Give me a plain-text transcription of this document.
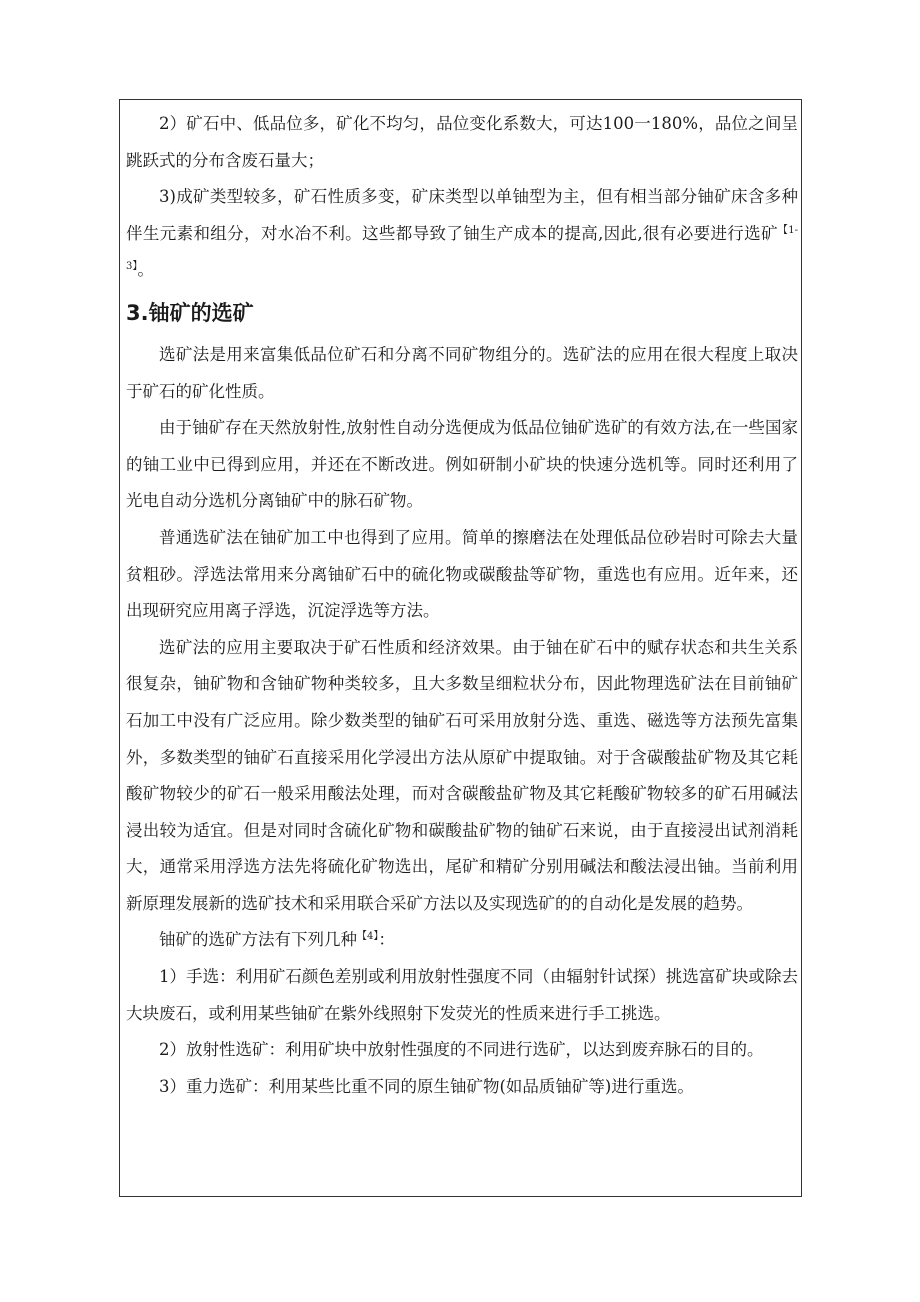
2）矿石中、低品位多，矿化不均匀，品位变化系数大，可达100一180%，品位之间呈跳跃式的分布含废石量大；

3)成矿类型较多，矿石性质多变，矿床类型以单铀型为主，但有相当部分铀矿床含多种伴生元素和组分，对水冶不利。这些都导致了铀生产成本的提高,因此,很有必要进行选矿$^{【1-3】}$。

3.铀矿的选矿

选矿法是用来富集低品位矿石和分离不同矿物组分的。选矿法的应用在很大程度上取决于矿石的矿化性质。

由于铀矿存在天然放射性,放射性自动分选便成为低品位铀矿选矿的有效方法,在一些国家的铀工业中已得到应用，并还在不断改进。例如研制小矿块的快速分选机等。同时还利用了光电自动分选机分离铀矿中的脉石矿物。

普通选矿法在铀矿加工中也得到了应用。简单的擦磨法在处理低品位砂岩时可除去大量贫粗砂。浮选法常用来分离铀矿石中的硫化物或碳酸盐等矿物，重选也有应用。近年来，还出现研究应用离子浮选，沉淀浮选等方法。

选矿法的应用主要取决于矿石性质和经济效果。由于铀在矿石中的赋存状态和共生关系很复杂，铀矿物和含铀矿物种类较多，且大多数呈细粒状分布，因此物理选矿法在目前铀矿石加工中没有广泛应用。除少数类型的铀矿石可采用放射分选、重选、磁选等方法预先富集外，多数类型的铀矿石直接采用化学浸出方法从原矿中提取铀。对于含碳酸盐矿物及其它耗酸矿物较少的矿石一般采用酸法处理，而对含碳酸盐矿物及其它耗酸矿物较多的矿石用碱法浸出较为适宜。但是对同时含硫化矿物和碳酸盐矿物的铀矿石来说，由于直接浸出试剂消耗大，通常采用浮选方法先将硫化矿物选出，尾矿和精矿分别用碱法和酸法浸出铀。当前利用新原理发展新的选矿技术和采用联合采矿方法以及实现选矿的的自动化是发展的趋势。

铀矿的选矿方法有下列几种$^{【4】}$：

1）手选：利用矿石颜色差别或利用放射性强度不同（由辐射针试探）挑选富矿块或除去大块废石，或利用某些铀矿在紫外线照射下发荧光的性质来进行手工挑选。

2）放射性选矿：利用矿块中放射性强度的不同进行选矿，以达到废弃脉石的目的。

3）重力选矿：利用某些比重不同的原生铀矿物(如品质铀矿等)进行重选。
